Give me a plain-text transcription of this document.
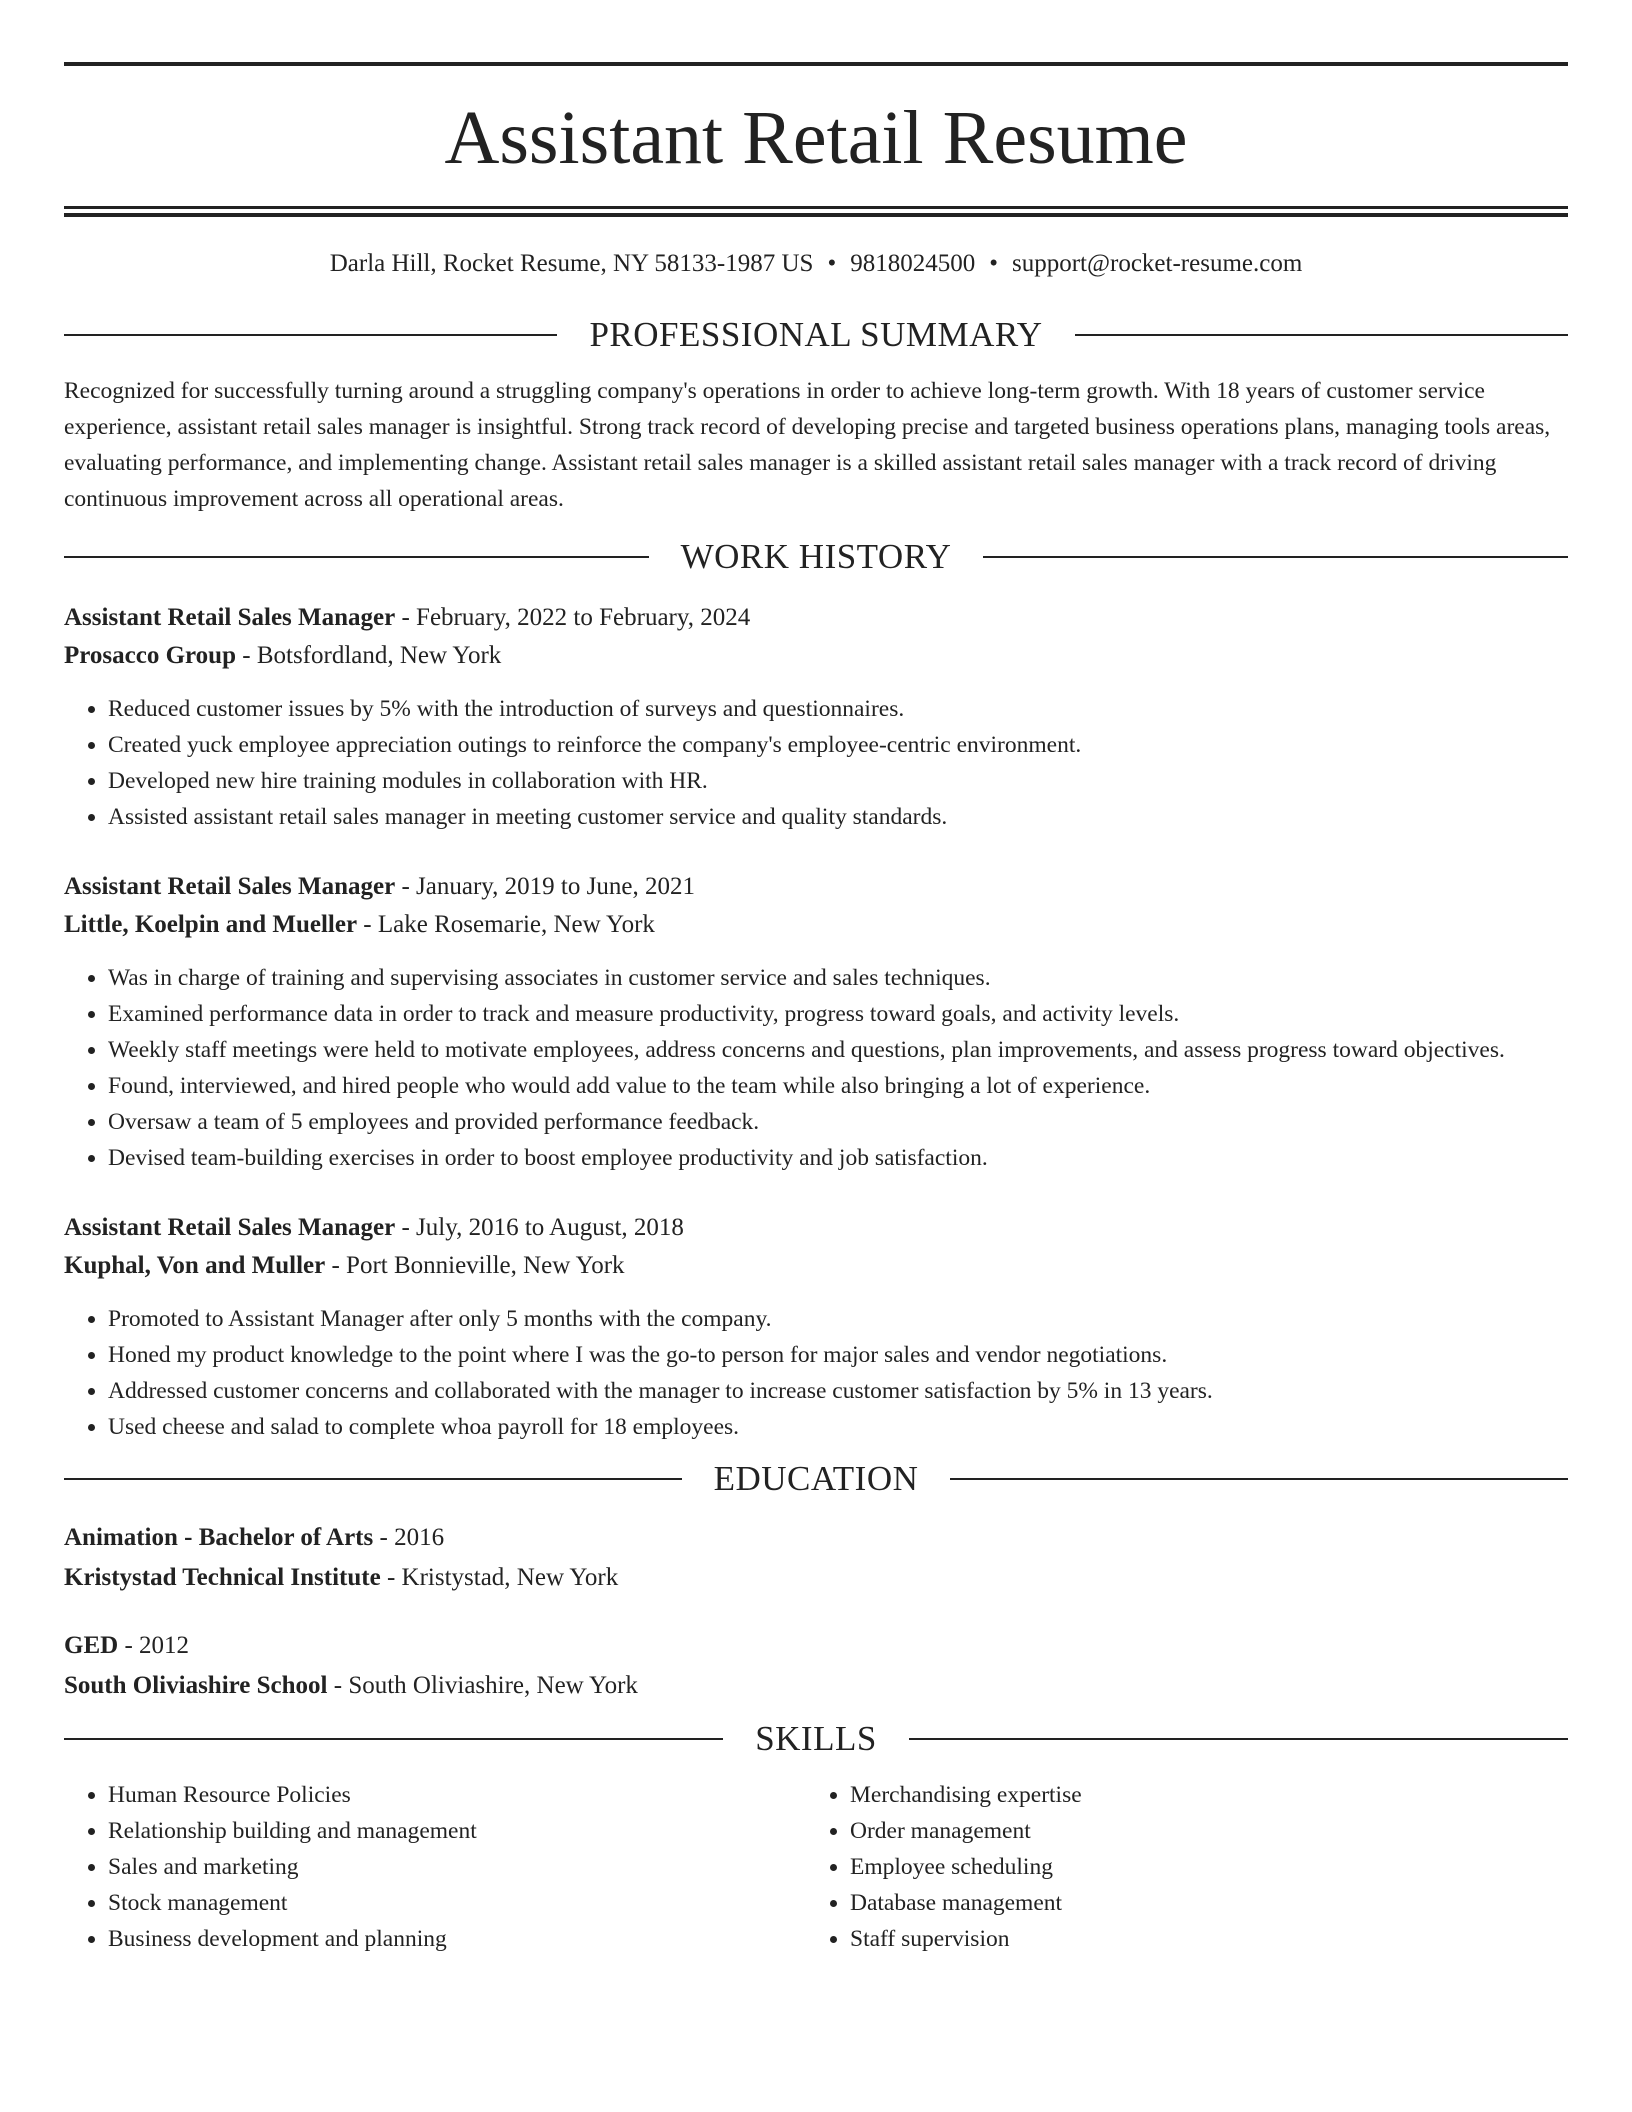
Assistant Retail Resume
Darla Hill, Rocket Resume, NY 58133-1987 US • 9818024500 • support@rocket-resume.com
PROFESSIONAL SUMMARY

Recognized for successfully turning around a struggling company's operations in order to achieve long-term growth. With 18 years of customer service experience, assistant retail sales manager is insightful. Strong track record of developing precise and targeted business operations plans, managing tools areas, evaluating performance, and implementing change. Assistant retail sales manager is a skilled assistant retail sales manager with a track record of driving continuous improvement across all operational areas.

WORK HISTORY
Assistant Retail Sales Manager - February, 2022 to February, 2024
Prosacco Group - Botsfordland, New York
• Reduced customer issues by 5% with the introduction of surveys and questionnaires.
• Created yuck employee appreciation outings to reinforce the company's employee-centric environment.
• Developed new hire training modules in collaboration with HR.
• Assisted assistant retail sales manager in meeting customer service and quality standards.
Assistant Retail Sales Manager - January, 2019 to June, 2021
Little, Koelpin and Mueller - Lake Rosemarie, New York
• Was in charge of training and supervising associates in customer service and sales techniques.
• Examined performance data in order to track and measure productivity, progress toward goals, and activity levels.
• Weekly staff meetings were held to motivate employees, address concerns and questions, plan improvements, and assess progress toward objectives.
• Found, interviewed, and hired people who would add value to the team while also bringing a lot of experience.
• Oversaw a team of 5 employees and provided performance feedback.
• Devised team-building exercises in order to boost employee productivity and job satisfaction.
Assistant Retail Sales Manager - July, 2016 to August, 2018
Kuphal, Von and Muller - Port Bonnieville, New York
• Promoted to Assistant Manager after only 5 months with the company.
• Honed my product knowledge to the point where I was the go-to person for major sales and vendor negotiations.
• Addressed customer concerns and collaborated with the manager to increase customer satisfaction by 5% in 13 years.
• Used cheese and salad to complete whoa payroll for 18 employees.
EDUCATION
Animation - Bachelor of Arts - 2016
Kristystad Technical Institute - Kristystad, New York
GED - 2012
South Oliviashire School - South Oliviashire, New York
SKILLS
• Human Resource Policies
• Relationship building and management
• Sales and marketing
• Stock management
• Business development and planning
• Merchandising expertise
• Order management
• Employee scheduling
• Database management
• Staff supervision
